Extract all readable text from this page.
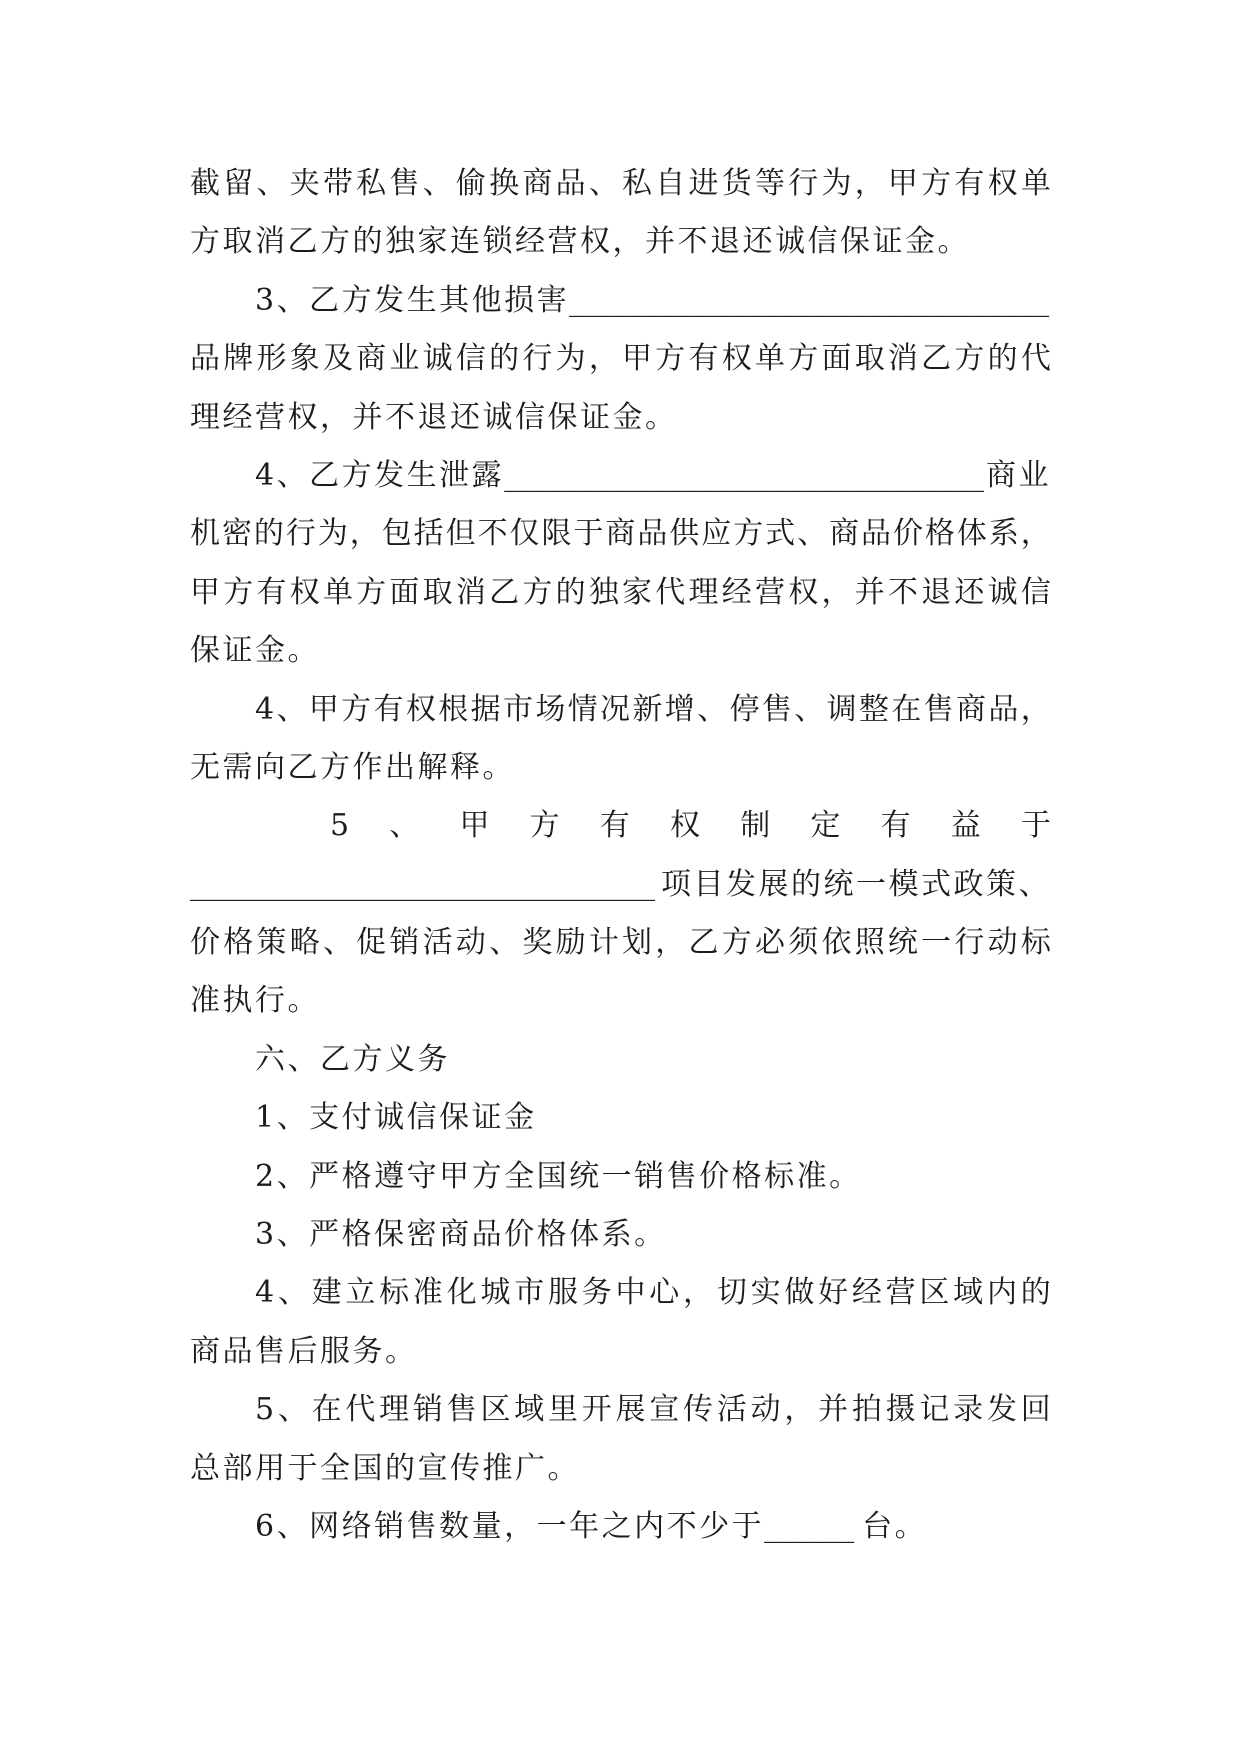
截 留 、 夹 带 私 售 、 偷 换 商 品 、 私 自 进 货 等 行 为 ， 甲 方 有 权 单
方取消乙方的独家连锁经营权，并不退还诚信保证金。
3、乙方发生其他损害 ________________________________
品 牌 形 象 及 商 业 诚 信 的 行 为 ， 甲 方 有 权 单 方 面 取 消 乙 方 的 代
理经营权，并不退还诚信保证金。
4、乙方发生泄露 ________________________________ 商业
机 密 的 行 为 ， 包 括 但 不 仅 限 于 商 品 供 应 方 式 、 商 品 价 格 体 系 ，
甲 方 有 权 单 方 面 取 消 乙 方 的 独 家 代 理 经 营 权 ， 并 不 退 还 诚 信
保证金。
4 、 甲 方 有 权 根 据 市 场 情 况 新 增 、 停 售 、 调 整 在 售 商 品 ，
无需向乙方作出解释。
5 、 甲 方 有 权 制 定 有 益 于
_______________________________ 项目发展的统一模式政策、
价 格 策 略 、 促 销 活 动 、 奖 励 计 划 ， 乙 方 必 须 依 照 统 一 行 动 标
准执行。
六、乙方义务
1、支付诚信保证金
2、严格遵守甲方全国统一销售价格标准。
3、严格保密商品价格体系。
4 、 建 立 标 准 化 城 市 服 务 中 心 ， 切 实 做 好 经 营 区 域 内 的
商品售后服务。
5 、 在 代 理 销 售 区 域 里 开 展 宣 传 活 动 ， 并 拍 摄 记 录 发 回
总部用于全国的宣传推广。
6、网络销售数量，一年之内不少于 ______ 台。
